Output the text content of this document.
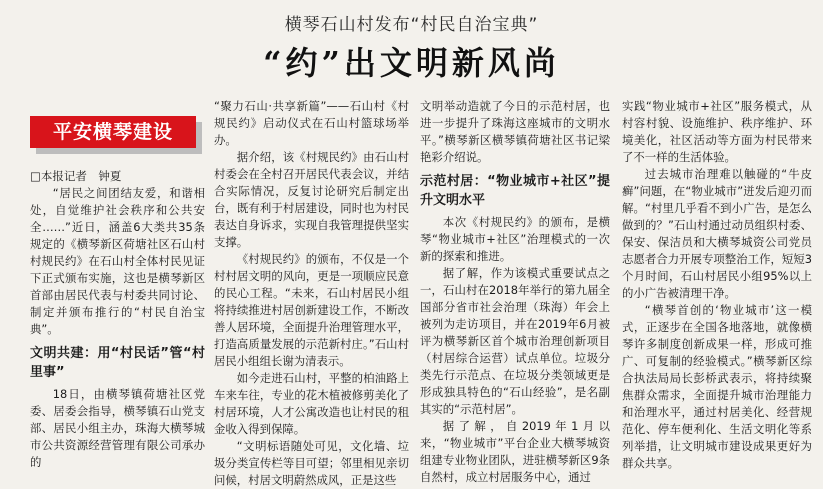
横琴石山村发布“村民自治宝典”
“约”出文明新风尚
平安横琴建设

□本报记者　钟夏

“居民之间团结友爱，和谐相处，自觉维护社会秩序和公共安全……”近日，涵盖6大类共35条规定的《横琴新区荷塘社区石山村村规民约》在石山村全体村民见证下正式颁布实施，这也是横琴新区首部由居民代表与村委共同讨论、制定并颁布推行的“村民自治宝典”。

文明共建：用“村民话”管“村里事”

18日，由横琴镇荷塘社区党委、居委会指导，横琴镇石山党支部、居民小组主办，珠海大横琴城市公共资源经营管理有限公司承办的

“聚力石山·共享新篇”——石山村《村规民约》启动仪式在石山村篮球场举办。

据介绍，该《村规民约》由石山村村委会在全村召开居民代表会议，并结合实际情况，反复讨论研究后制定出台，既有利于村居建设，同时也为村民表达自身诉求，实现自我管理提供坚实支撑。

《村规民约》的颁布，不仅是一个村村居文明的风向，更是一项顺应民意的民心工程。“未来，石山村居民小组将持续推进村居创新建设工作，不断改善人居环境，全面提升治理管理水平，打造高质量发展的示范新村庄。”石山村居民小组组长谢为清表示。

如今走进石山村，平整的柏油路上车来车往，专业的花木植被修剪美化了村居环境，人才公寓改造也让村民的租金收入得到保障。

“文明标语随处可见，文化墙、垃圾分类宣传栏等目可望；邻里相见亲切问候，村居文明蔚然成风，正是这些

文明举动造就了今日的示范村居，也进一步提升了珠海这座城市的文明水平。”横琴新区横琴镇荷塘社区书记梁艳彩介绍说。

示范村居：“物业城市+社区”提升文明水平

本次《村规民约》的颁布，是横琴“物业城市+社区”治理模式的一次新的探索和推进。

据了解，作为该模式重要试点之一，石山村在2018年举行的第九届全国部分省市社会治理（珠海）年会上被列为走访项目，并在2019年6月被评为横琴新区首个城市治理创新项目（村居综合运营）试点单位。垃圾分类先行示范点、在垃圾分类领域更是形成独具特色的“石山经验”，是名副其实的“示范村居”。

据了解，自2019年1月以来，“物业城市”平台企业大横琴城资组建专业物业团队，进驻横琴新区9条自然村，成立村居服务中心，通过

实践“物业城市+社区”服务模式，从村容村貌、设施维护、秩序维护、环境美化，社区活动等方面为村民带来了不一样的生活体验。

过去城市治理难以触碰的“牛皮癣”问题，在“物业城市”迸发后迎刃而解。“村里几乎看不到小广告，是怎么做到的？”石山村通过动员组织村委、保安、保洁员和大横琴城资公司党员志愿者合力开展专项整治工作，短短3个月时间，石山村居民小组95%以上的小广告被清理干净。

“横琴首创的‘物业城市’这一模式，正逐步在全国各地落地，就像横琴许多制度创新成果一样，形成可推广、可复制的经验模式。”横琴新区综合执法局局长彭桥武表示，将持续聚焦群众需求，全面提升城市治理能力和治理水平，通过村居美化、经营规范化、停车便利化、生活文明化等系列举措，让文明城市建设成果更好为群众共享。
